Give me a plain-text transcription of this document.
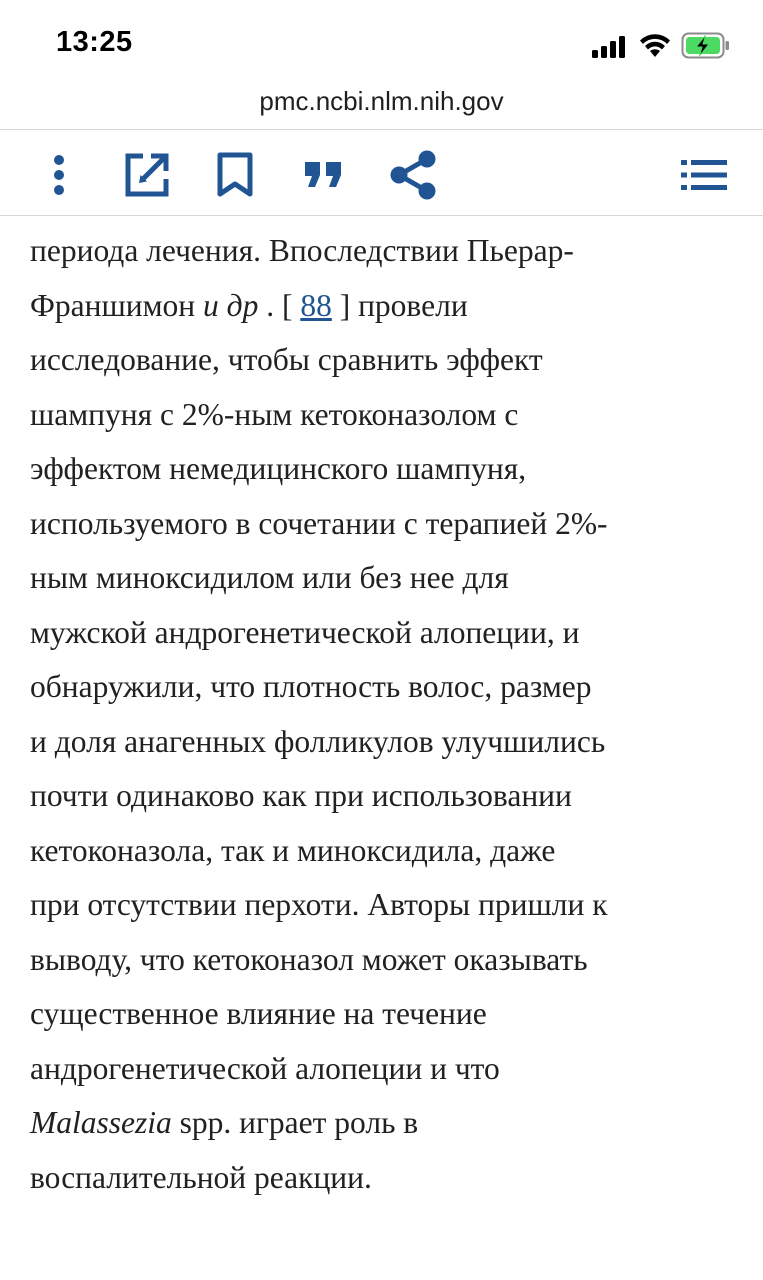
13:25
pmc.ncbi.nlm.nih.gov

периода лечения. Впоследствии Пьерар-
Франшимон и др . [ 88 ] провели
исследование, чтобы сравнить эффект
шампуня с 2%-ным кетоконазолом с
эффектом немедицинского шампуня,
используемого в сочетании с терапией 2%-
ным миноксидилом или без нее для
мужской андрогенетической алопеции, и
обнаружили, что плотность волос, размер
и доля анагенных фолликулов улучшились
почти одинаково как при использовании
кетоконазола, так и миноксидила, даже
при отсутствии перхоти. Авторы пришли к
выводу, что кетоконазол может оказывать
существенное влияние на течение
андрогенетической алопеции и что
Malassezia spp. играет роль в
воспалительной реакции.
